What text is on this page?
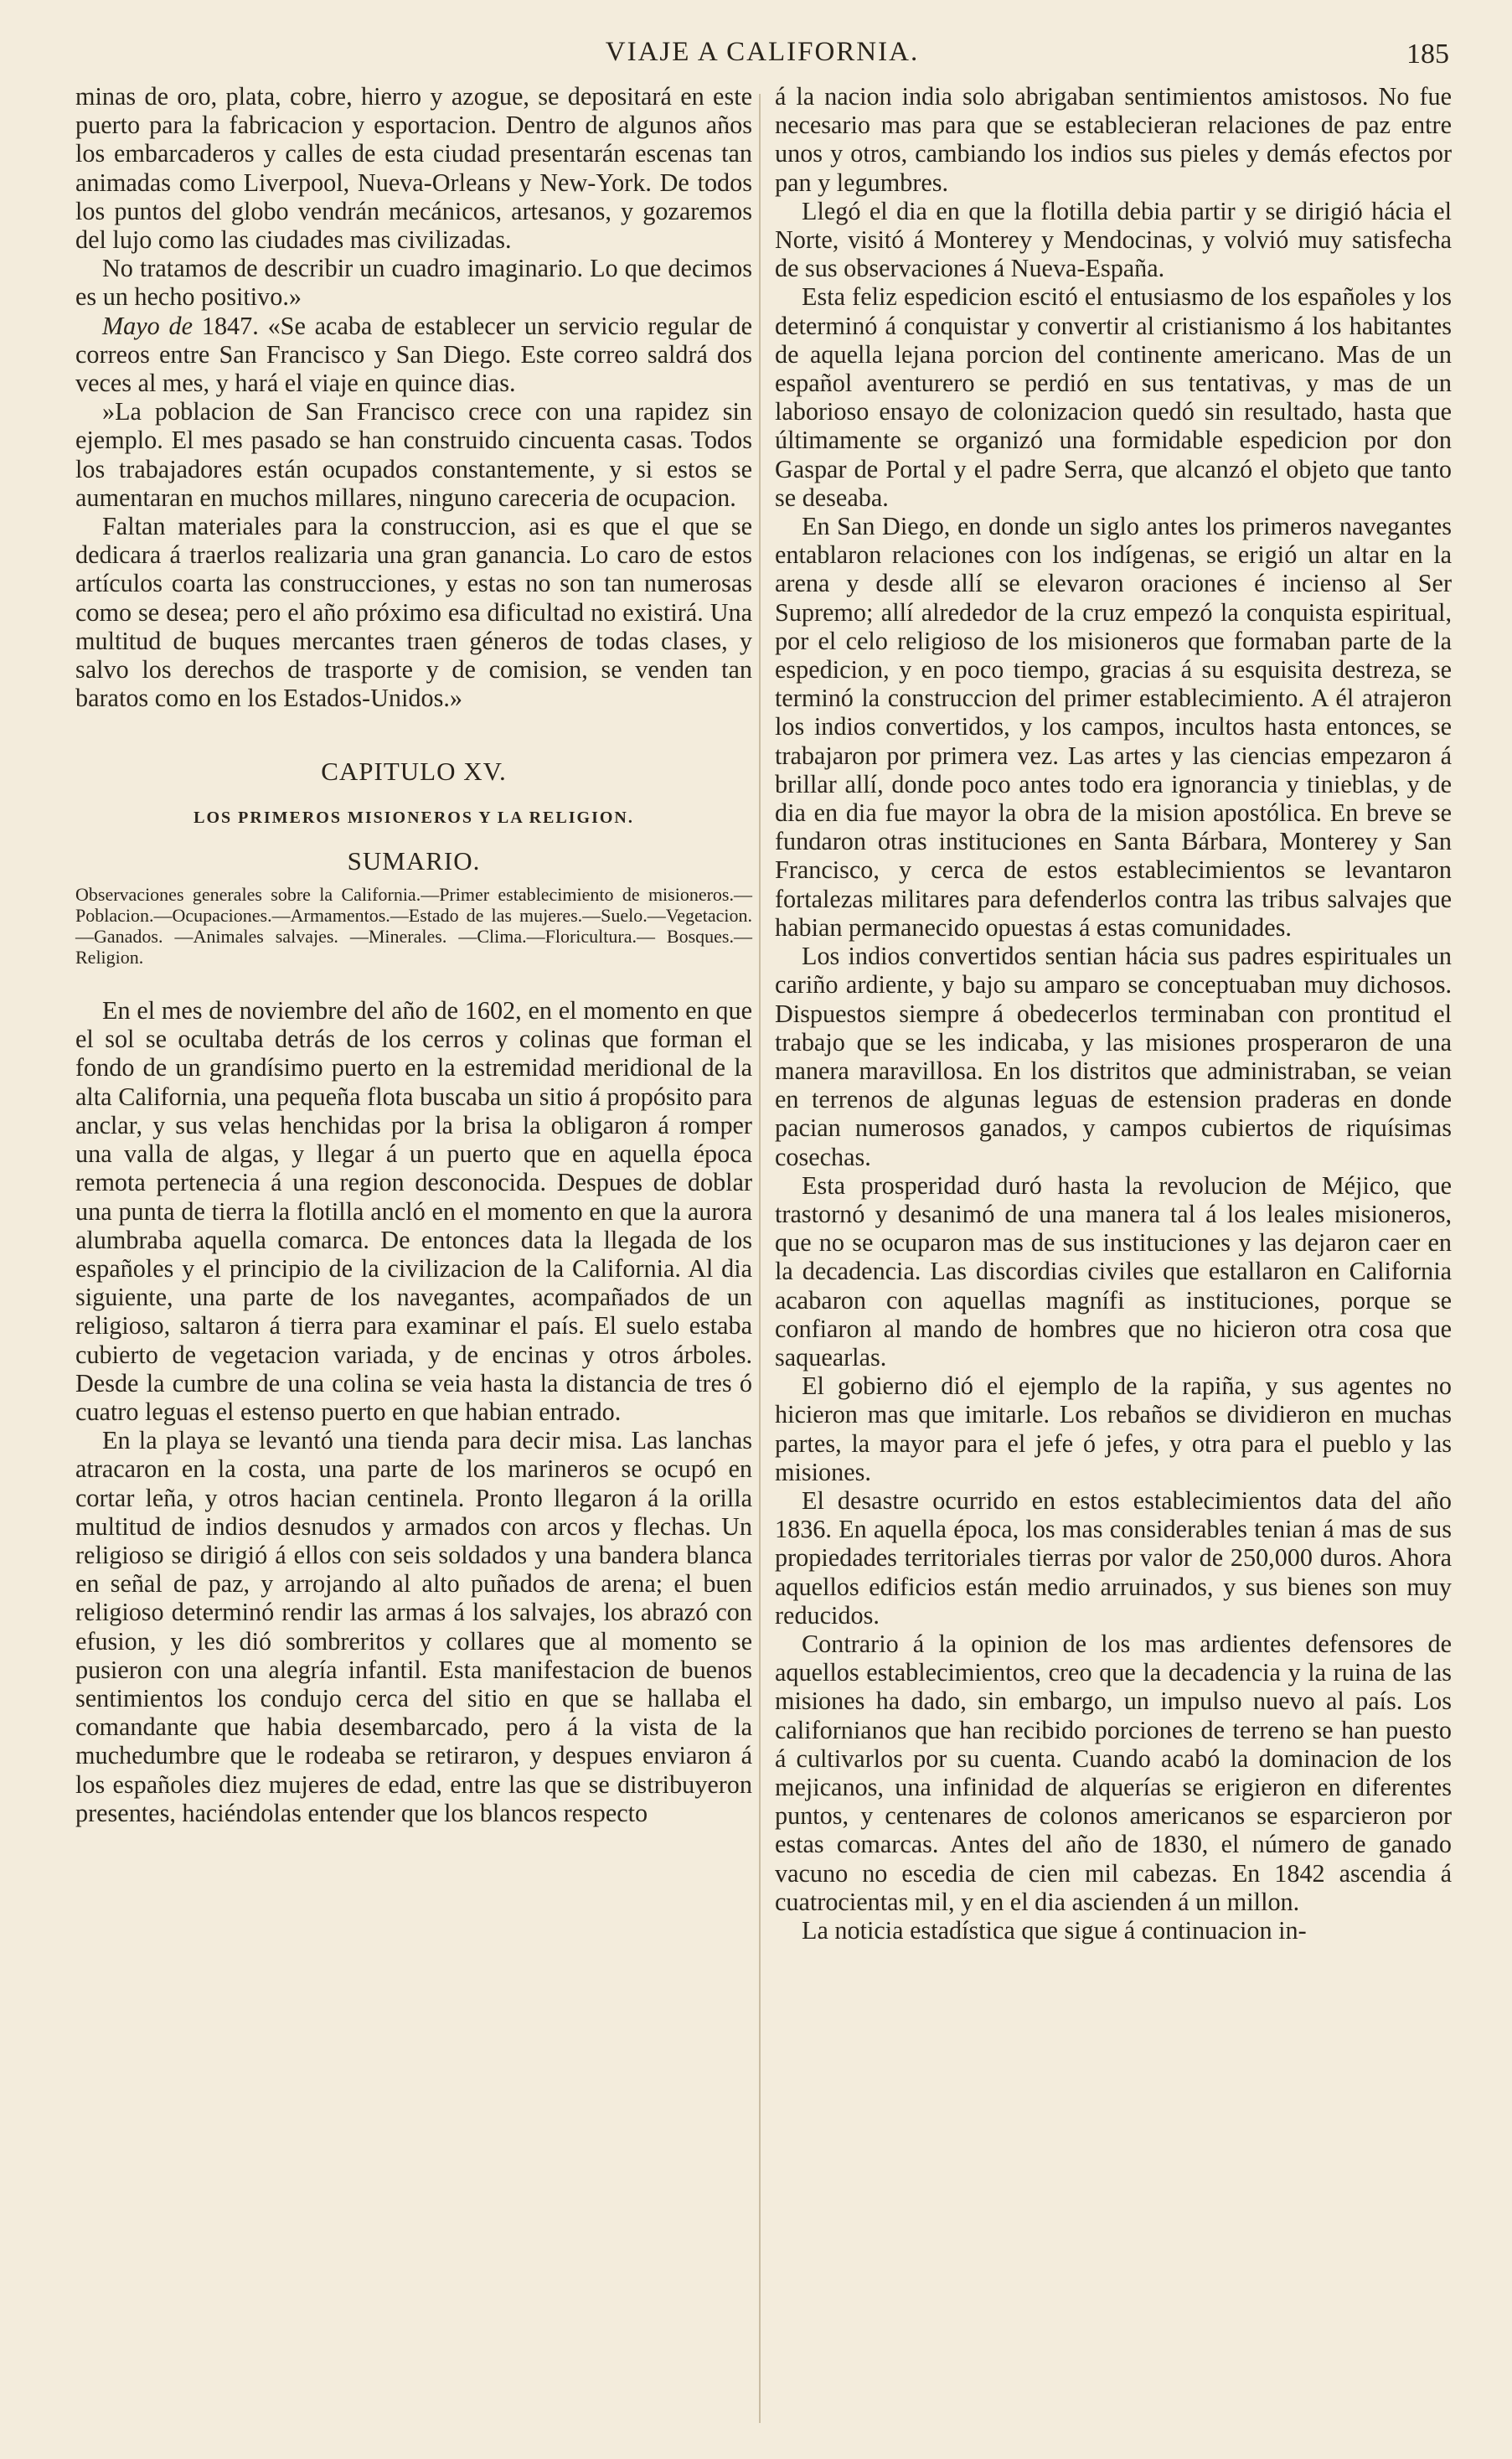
VIAJE A CALIFORNIA.	185

minas de oro, plata, cobre, hierro y azogue, se depositará en este puerto para la fabricacion y esportacion. Dentro de algunos años los embarcaderos y calles de esta ciudad presentarán escenas tan animadas como Liverpool, Nueva-Orleans y New-York. De todos los puntos del globo vendrán mecánicos, artesanos, y gozaremos del lujo como las ciudades mas civilizadas.

No tratamos de describir un cuadro imaginario. Lo que decimos es un hecho positivo.»

Mayo de 1847. «Se acaba de establecer un servicio regular de correos entre San Francisco y San Diego. Este correo saldrá dos veces al mes, y hará el viaje en quince dias.

»La poblacion de San Francisco crece con una rapidez sin ejemplo. El mes pasado se han construido cincuenta casas. Todos los trabajadores están ocupados constantemente, y si estos se aumentaran en muchos millares, ninguno careceria de ocupacion.

Faltan materiales para la construccion, asi es que el que se dedicara á traerlos realizaria una gran ganancia. Lo caro de estos artículos coarta las construcciones, y estas no son tan numerosas como se desea; pero el año próximo esa dificultad no existirá. Una multitud de buques mercantes traen géneros de todas clases, y salvo los derechos de trasporte y de comision, se venden tan baratos como en los Estados-Unidos.»

CAPITULO XV.
LOS PRIMEROS MISIONEROS Y LA RELIGION.
SUMARIO.
Observaciones generales sobre la California.—Primer establecimiento de misioneros.—Poblacion.—Ocupaciones.—Armamentos.—Estado de las mujeres.—Suelo.—Vegetacion.—Ganados. —Animales salvajes. —Minerales. —Clima.—Floricultura.— Bosques.—Religion.

En el mes de noviembre del año de 1602, en el momento en que el sol se ocultaba detrás de los cerros y colinas que forman el fondo de un grandísimo puerto en la estremidad meridional de la alta California, una pequeña flota buscaba un sitio á propósito para anclar, y sus velas henchidas por la brisa la obligaron á romper una valla de algas, y llegar á un puerto que en aquella época remota pertenecia á una region desconocida. Despues de doblar una punta de tierra la flotilla ancló en el momento en que la aurora alumbraba aquella comarca. De entonces data la llegada de los españoles y el principio de la civilizacion de la California. Al dia siguiente, una parte de los navegantes, acompañados de un religioso, saltaron á tierra para examinar el país. El suelo estaba cubierto de vegetacion variada, y de encinas y otros árboles. Desde la cumbre de una colina se veia hasta la distancia de tres ó cuatro leguas el estenso puerto en que habian entrado.

En la playa se levantó una tienda para decir misa. Las lanchas atracaron en la costa, una parte de los marineros se ocupó en cortar leña, y otros hacian centinela. Pronto llegaron á la orilla multitud de indios desnudos y armados con arcos y flechas. Un religioso se dirigió á ellos con seis soldados y una bandera blanca en señal de paz, y arrojando al alto puñados de arena; el buen religioso determinó rendir las armas á los salvajes, los abrazó con efusion, y les dió sombreritos y collares que al momento se pusieron con una alegría infantil. Esta manifestacion de buenos sentimientos los condujo cerca del sitio en que se hallaba el comandante que habia desembarcado, pero á la vista de la muchedumbre que le rodeaba se retiraron, y despues enviaron á los españoles diez mujeres de edad, entre las que se distribuyeron presentes, haciéndolas entender que los blancos respecto

á la nacion india solo abrigaban sentimientos amistosos. No fue necesario mas para que se establecieran relaciones de paz entre unos y otros, cambiando los indios sus pieles y demás efectos por pan y legumbres.

Llegó el dia en que la flotilla debia partir y se dirigió hácia el Norte, visitó á Monterey y Mendocinas, y volvió muy satisfecha de sus observaciones á Nueva-España.

Esta feliz espedicion escitó el entusiasmo de los españoles y los determinó á conquistar y convertir al cristianismo á los habitantes de aquella lejana porcion del continente americano. Mas de un español aventurero se perdió en sus tentativas, y mas de un laborioso ensayo de colonizacion quedó sin resultado, hasta que últimamente se organizó una formidable espedicion por don Gaspar de Portal y el padre Serra, que alcanzó el objeto que tanto se deseaba.

En San Diego, en donde un siglo antes los primeros navegantes entablaron relaciones con los indígenas, se erigió un altar en la arena y desde allí se elevaron oraciones é incienso al Ser Supremo; allí alrededor de la cruz empezó la conquista espiritual, por el celo religioso de los misioneros que formaban parte de la espedicion, y en poco tiempo, gracias á su esquisita destreza, se terminó la construccion del primer establecimiento. A él atrajeron los indios convertidos, y los campos, incultos hasta entonces, se trabajaron por primera vez. Las artes y las ciencias empezaron á brillar allí, donde poco antes todo era ignorancia y tinieblas, y de dia en dia fue mayor la obra de la mision apostólica. En breve se fundaron otras instituciones en Santa Bárbara, Monterey y San Francisco, y cerca de estos establecimientos se levantaron fortalezas militares para defenderlos contra las tribus salvajes que habian permanecido opuestas á estas comunidades.

Los indios convertidos sentian hácia sus padres espirituales un cariño ardiente, y bajo su amparo se conceptuaban muy dichosos. Dispuestos siempre á obedecerlos terminaban con prontitud el trabajo que se les indicaba, y las misiones prosperaron de una manera maravillosa. En los distritos que administraban, se veian en terrenos de algunas leguas de estension praderas en donde pacian numerosos ganados, y campos cubiertos de riquísimas cosechas.

Esta prosperidad duró hasta la revolucion de Méjico, que trastornó y desanimó de una manera tal á los leales misioneros, que no se ocuparon mas de sus instituciones y las dejaron caer en la decadencia. Las discordias civiles que estallaron en California acabaron con aquellas magnífi as instituciones, porque se confiaron al mando de hombres que no hicieron otra cosa que saquearlas.

El gobierno dió el ejemplo de la rapiña, y sus agentes no hicieron mas que imitarle. Los rebaños se dividieron en muchas partes, la mayor para el jefe ó jefes, y otra para el pueblo y las misiones.

El desastre ocurrido en estos establecimientos data del año 1836. En aquella época, los mas considerables tenian á mas de sus propiedades territoriales tierras por valor de 250,000 duros. Ahora aquellos edificios están medio arruinados, y sus bienes son muy reducidos.

Contrario á la opinion de los mas ardientes defensores de aquellos establecimientos, creo que la decadencia y la ruina de las misiones ha dado, sin embargo, un impulso nuevo al país. Los californianos que han recibido porciones de terreno se han puesto á cultivarlos por su cuenta. Cuando acabó la dominacion de los mejicanos, una infinidad de alquerías se erigieron en diferentes puntos, y centenares de colonos americanos se esparcieron por estas comarcas. Antes del año de 1830, el número de ganado vacuno no escedia de cien mil cabezas. En 1842 ascendia á cuatrocientas mil, y en el dia ascienden á un millon.

La noticia estadística que sigue á continuacion in-
